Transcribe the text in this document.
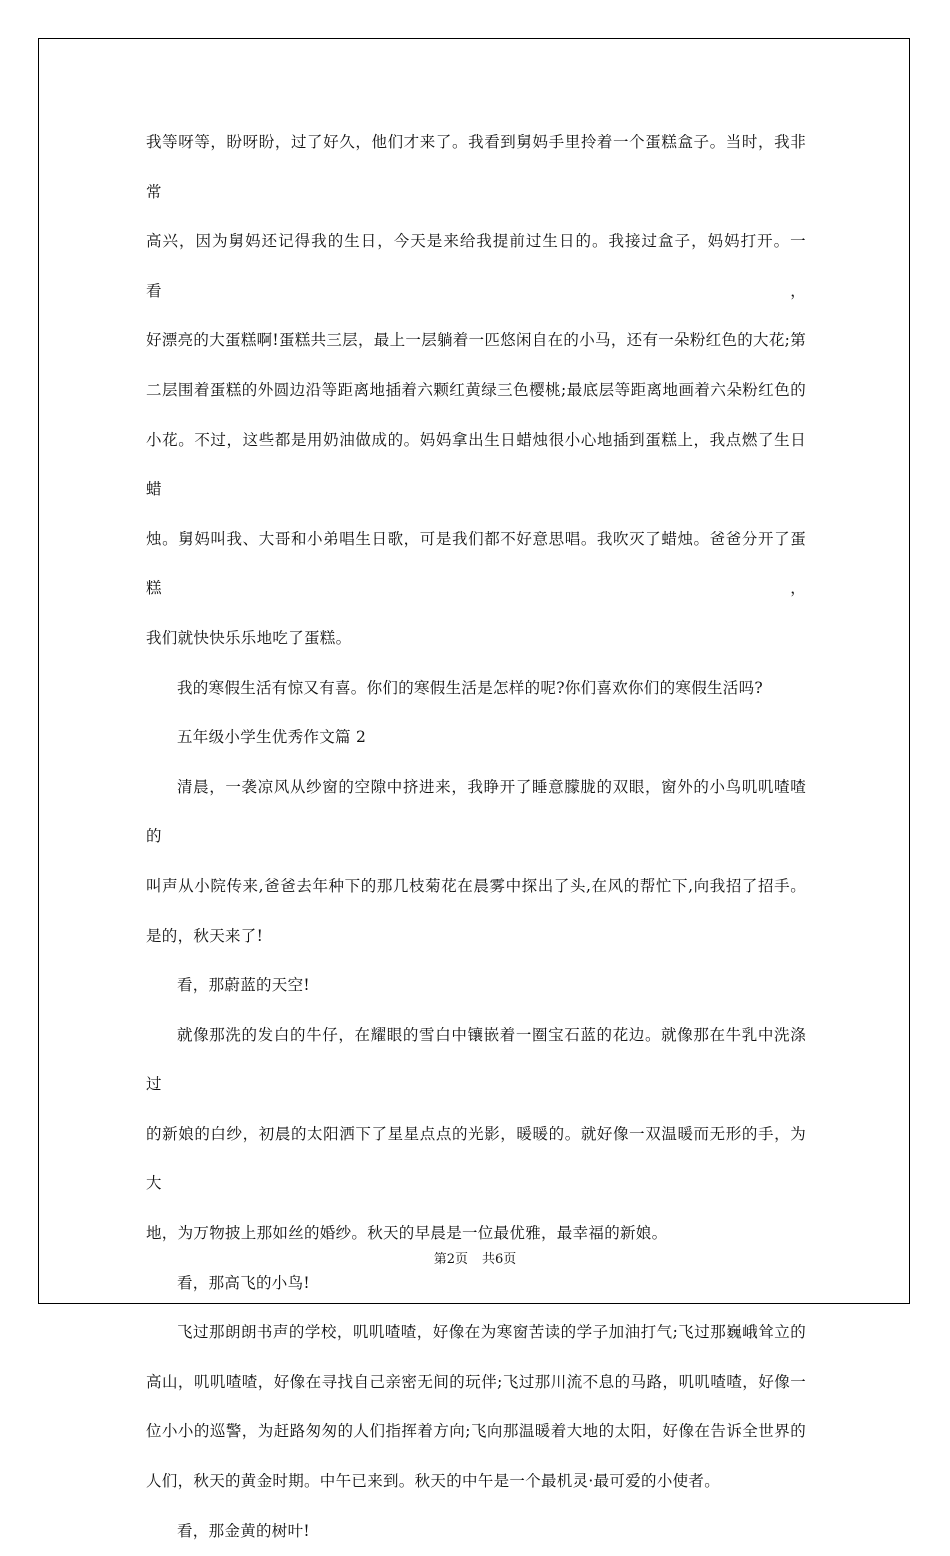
我等呀等，盼呀盼，过了好久，他们才来了。我看到舅妈手里拎着一个蛋糕盒子。当时，我非常

高兴，因为舅妈还记得我的生日，今天是来给我提前过生日的。我接过盒子，妈妈打开。一看，

好漂亮的大蛋糕啊!蛋糕共三层，最上一层躺着一匹悠闲自在的小马，还有一朵粉红色的大花;第

二层围着蛋糕的外圆边沿等距离地插着六颗红黄绿三色樱桃;最底层等距离地画着六朵粉红色的

小花。不过，这些都是用奶油做成的。妈妈拿出生日蜡烛很小心地插到蛋糕上，我点燃了生日蜡

烛。舅妈叫我、大哥和小弟唱生日歌，可是我们都不好意思唱。我吹灭了蜡烛。爸爸分开了蛋糕，

我们就快快乐乐地吃了蛋糕。

我的寒假生活有惊又有喜。你们的寒假生活是怎样的呢?你们喜欢你们的寒假生活吗?

五年级小学生优秀作文篇 2

清晨，一袭凉风从纱窗的空隙中挤进来，我睁开了睡意朦胧的双眼，窗外的小鸟叽叽喳喳的

叫声从小院传来,爸爸去年种下的那几枝菊花在晨雾中探出了头,在风的帮忙下,向我招了招手。

是的，秋天来了!

看，那蔚蓝的天空!

就像那洗的发白的牛仔，在耀眼的雪白中镶嵌着一圈宝石蓝的花边。就像那在牛乳中洗涤过

的新娘的白纱，初晨的太阳洒下了星星点点的光影，暖暖的。就好像一双温暖而无形的手，为大

地，为万物披上那如丝的婚纱。秋天的早晨是一位最优雅，最幸福的新娘。

看，那高飞的小鸟!

飞过那朗朗书声的学校，叽叽喳喳，好像在为寒窗苦读的学子加油打气;飞过那巍峨耸立的

高山，叽叽喳喳，好像在寻找自己亲密无间的玩伴;飞过那川流不息的马路，叽叽喳喳，好像一

位小小的巡警，为赶路匆匆的人们指挥着方向;飞向那温暖着大地的太阳，好像在告诉全世界的

人们，秋天的黄金时期。中午已来到。秋天的中午是一个最机灵·最可爱的小使者。

看，那金黄的树叶!

第2页 共6页
